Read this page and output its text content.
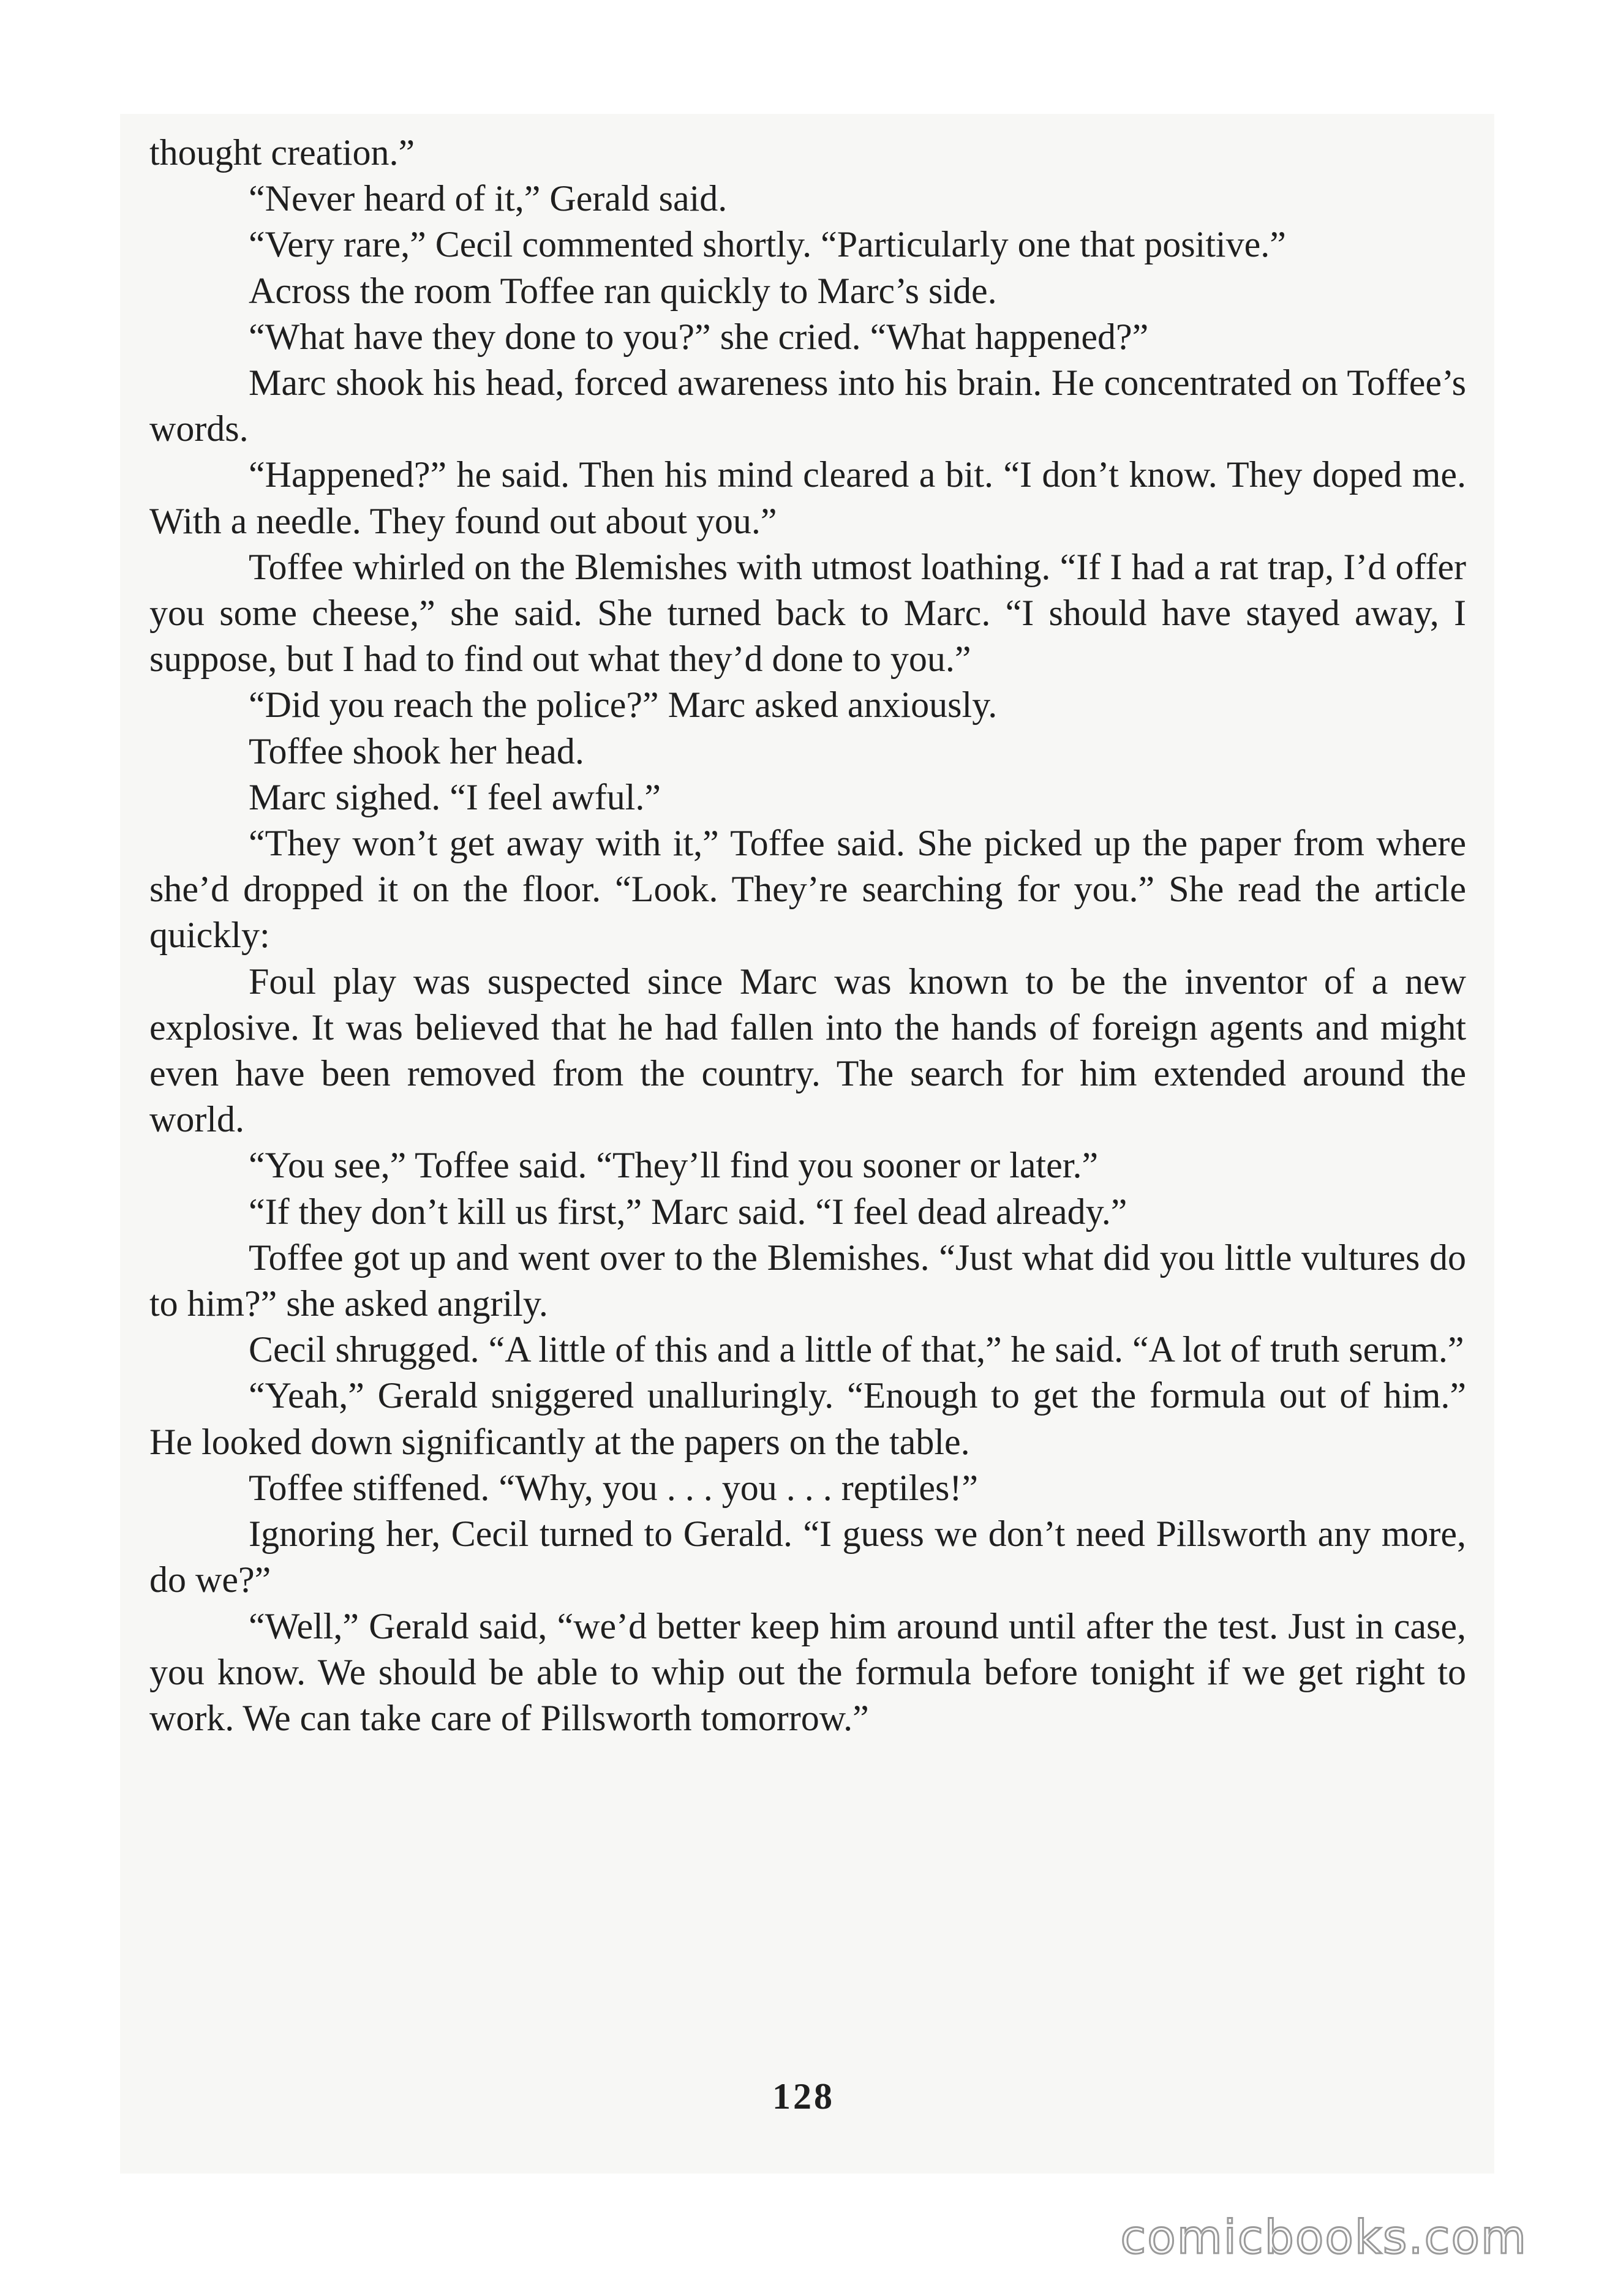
thought creation.”

“Never heard of it,” Gerald said.

“Very rare,” Cecil commented shortly. “Particularly one that positive.”

Across the room Toffee ran quickly to Marc’s side.

“What have they done to you?” she cried. “What happened?”

Marc shook his head, forced awareness into his brain. He concentrated on Toffee’s words.

“Happened?” he said. Then his mind cleared a bit. “I don’t know. They doped me. With a needle. They found out about you.”

Toffee whirled on the Blemishes with utmost loathing. “If I had a rat trap, I’d offer you some cheese,” she said. She turned back to Marc. “I should have stayed away, I suppose, but I had to find out what they’d done to you.”

“Did you reach the police?” Marc asked anxiously.

Toffee shook her head.

Marc sighed. “I feel awful.”

“They won’t get away with it,” Toffee said. She picked up the paper from where she’d dropped it on the floor. “Look. They’re searching for you.” She read the article quickly:

Foul play was suspected since Marc was known to be the inventor of a new explosive. It was believed that he had fallen into the hands of foreign agents and might even have been removed from the country. The search for him extended around the world.

“You see,” Toffee said. “They’ll find you sooner or later.”

“If they don’t kill us first,” Marc said. “I feel dead already.”

Toffee got up and went over to the Blemishes. “Just what did you little vultures do to him?” she asked angrily.

Cecil shrugged. “A little of this and a little of that,” he said. “A lot of truth serum.”

“Yeah,” Gerald sniggered unalluringly. “Enough to get the formula out of him.” He looked down significantly at the papers on the table.

Toffee stiffened. “Why, you . . . you . . . reptiles!”

Ignoring her, Cecil turned to Gerald. “I guess we don’t need Pillsworth any more, do we?”

“Well,” Gerald said, “we’d better keep him around until after the test. Just in case, you know. We should be able to whip out the formula before tonight if we get right to work. We can take care of Pillsworth tomorrow.”

128
comicbooks.com
